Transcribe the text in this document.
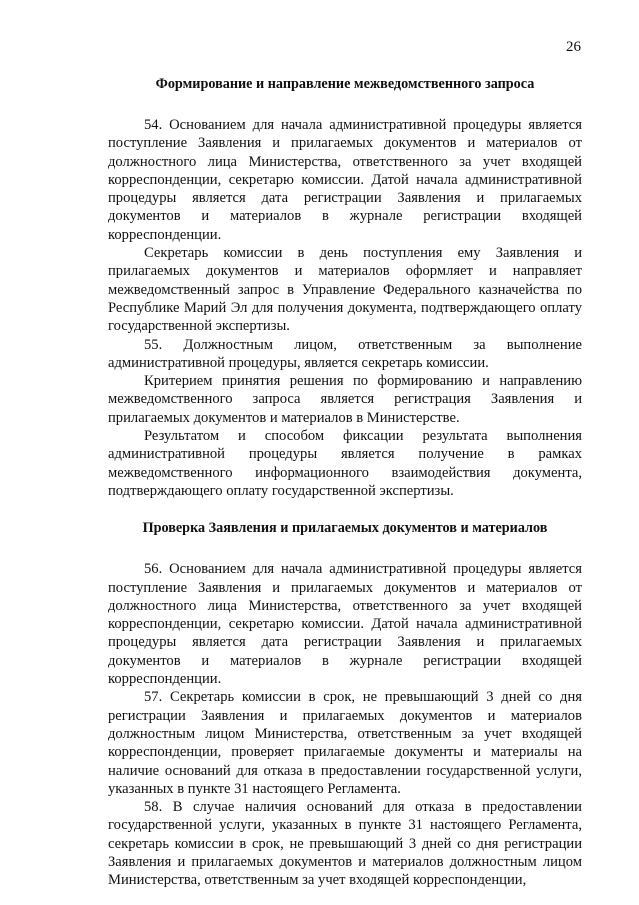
26
Формирование и направление межведомственного запроса

54. Основанием для начала административной процедуры является поступление Заявления и прилагаемых документов и материалов от должностного лица Министерства, ответственного за учет входящей корреспонденции, секретарю комиссии. Датой начала административной процедуры является дата регистрации Заявления и прилагаемых документов и материалов в журнале регистрации входящей корреспонденции.

Секретарь комиссии в день поступления ему Заявления и прилагаемых документов и материалов оформляет и направляет межведомственный запрос в Управление Федерального казначейства по Республике Марий Эл для получения документа, подтверждающего оплату государственной экспертизы.

55. Должностным лицом, ответственным за выполнение административной процедуры, является секретарь комиссии.

Критерием принятия решения по формированию и направлению межведомственного запроса является регистрация Заявления и прилагаемых документов и материалов в Министерстве.

Результатом и способом фиксации результата выполнения административной процедуры является получение в рамках межведомственного информационного взаимодействия документа, подтверждающего оплату государственной экспертизы.

Проверка Заявления и прилагаемых документов и материалов

56. Основанием для начала административной процедуры является поступление Заявления и прилагаемых документов и материалов от должностного лица Министерства, ответственного за учет входящей корреспонденции, секретарю комиссии. Датой начала административной процедуры является дата регистрации Заявления и прилагаемых документов и материалов в журнале регистрации входящей корреспонденции.

57. Секретарь комиссии в срок, не превышающий 3 дней со дня регистрации Заявления и прилагаемых документов и материалов должностным лицом Министерства, ответственным за учет входящей корреспонденции, проверяет прилагаемые документы и материалы на наличие оснований для отказа в предоставлении государственной услуги, указанных в пункте 31 настоящего Регламента.

58. В случае наличия оснований для отказа в предоставлении государственной услуги, указанных в пункте 31 настоящего Регламента, секретарь комиссии в срок, не превышающий 3 дней со дня регистрации Заявления и прилагаемых документов и материалов должностным лицом Министерства, ответственным за учет входящей корреспонденции,
